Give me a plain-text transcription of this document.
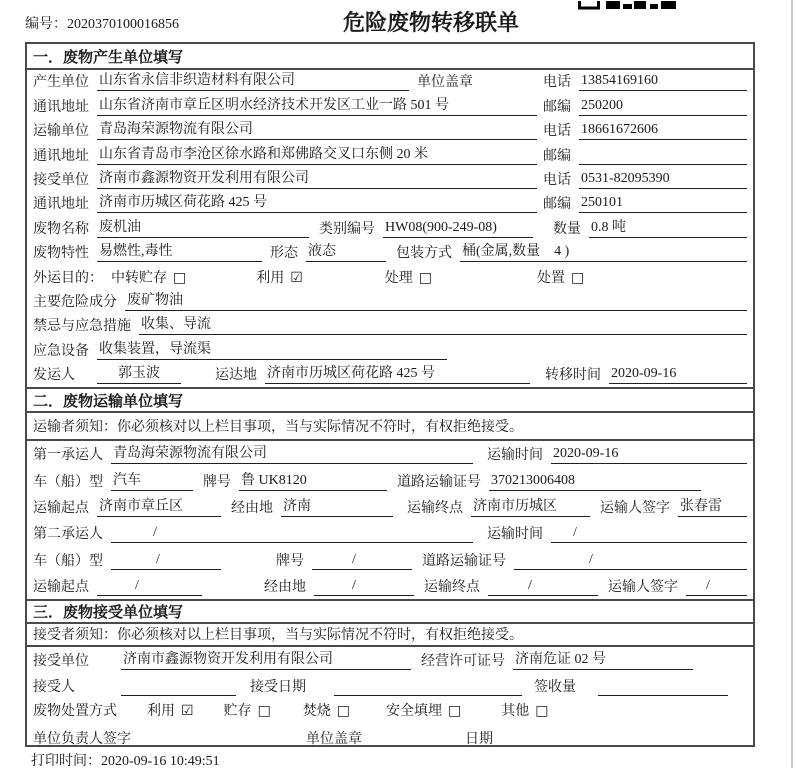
编号：2020370100016856	危险废物转移联单
一．废物产生单位填写
产生单位 山东省永信非织造材料有限公司	单位盖章	电话 13854169160
通讯地址 山东省济南市章丘区明水经济技术开发区工业一路 501 号	邮编 250200
运输单位 青岛海荣源物流有限公司	电话 18661672606
通讯地址 山东省青岛市李沧区徐水路和郑佛路交叉口东侧 20 米	邮编
接受单位 济南市鑫源物资开发利用有限公司	电话 0531-82095390
通讯地址 济南市历城区荷花路 425 号	邮编 250101
废物名称 废机油	类别编号 HW08(900-249-08)	数量 0.8 吨
废物特性 易燃性,毒性	形态 液态	包装方式 桶(金属,数量　4 )
外运目的： 中转贮存 □	利用 ☑	处理 □	处置 □
主要危险成分 废矿物油
禁忌与应急措施 收集、导流
应急设备 收集装置，导流渠
发运人	郭玉波	运达地 济南市历城区荷花路 425 号	转移时间 2020-09-16
二．废物运输单位填写
运输者须知：你必须核对以上栏目事项，当与实际情况不符时，有权拒绝接受。
第一承运人 青岛海荣源物流有限公司	运输时间 2020-09-16
车（船）型 汽车	牌号 鲁 UK8120	道路运输证号 370213006408
运输起点 济南市章丘区	经由地 济南	运输终点 济南市历城区	运输人签字 张春雷
第二承运人	/	运输时间	/
车（船）型	/	牌号	/	道路运输证号	/
运输起点	/	经由地	/	运输终点	/	运输人签字	/
三．废物接受单位填写
接受者须知：你必须核对以上栏目事项，当与实际情况不符时，有权拒绝接受。
接受单位	济南市鑫源物资开发利用有限公司	经营许可证号 济南危证 02 号
接受人	接受日期	签收量
废物处置方式 利用 ☑ 贮存 □ 焚烧 □	安全填埋 □	其他 □
单位负责人签字	单位盖章	日期
打印时间：2020-09-16 10:49:51
